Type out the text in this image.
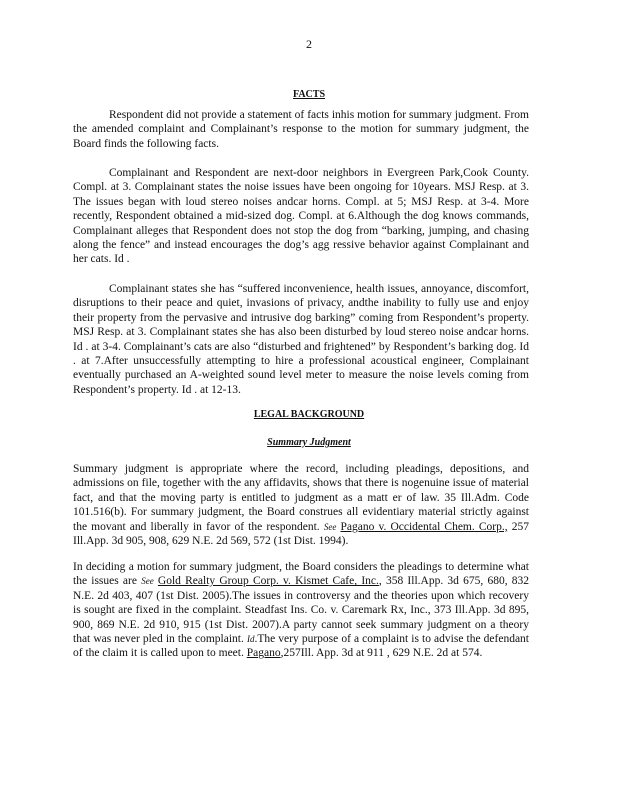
2
FACTS

Respondent did not provide a statement of facts inhis motion for summary judgment. From the amended complaint and Complainant’s response to the motion for summary judgment, the Board finds the following facts.

Complainant and Respondent are next-door neighbors in Evergreen Park,Cook County. Compl. at 3. Complainant states the noise issues have been ongoing for 10years. MSJ Resp. at 3. The issues began with loud stereo noises andcar horns. Compl. at 5; MSJ Resp. at 3-4. More recently, Respondent obtained a mid-sized dog. Compl. at 6.Although the dog knows commands, Complainant alleges that Respondent does not stop the dog from “barking, jumping, and chasing along the fence” and instead encourages the dog’s agg ressive behavior against Complainant and her cats. Id .

Complainant states she has “suffered inconvenience, health issues, annoyance, discomfort, disruptions to their peace and quiet, invasions of privacy, andthe inability to fully use and enjoy their property from the pervasive and intrusive dog barking” coming from Respondent’s property. MSJ Resp. at 3. Complainant states she has also been disturbed by loud stereo noise andcar horns. Id . at 3-4. Complainant’s cats are also “disturbed and frightened” by Respondent’s barking dog. Id . at 7.After unsuccessfully attempting to hire a professional acoustical engineer, Complainant eventually purchased an A-weighted sound level meter to measure the noise levels coming from Respondent’s property. Id . at 12-13.

LEGAL BACKGROUND
Summary Judgment

Summary judgment is appropriate where the record, including pleadings, depositions, and admissions on file, together with the any affidavits, shows that there is nogenuine issue of material fact, and that the moving party is entitled to judgment as a matt er of law. 35 Ill.Adm. Code 101.516(b). For summary judgment, the Board construes all evidentiary material strictly against the movant and liberally in favor of the respondent. See Pagano v. Occidental Chem. Corp., 257 Ill.App. 3d 905, 908, 629 N.E. 2d 569, 572 (1st Dist. 1994).

In deciding a motion for summary judgment, the Board considers the pleadings to determine what the issues are See Gold Realty Group Corp. v. Kismet Cafe, Inc., 358 Ill.App. 3d 675, 680, 832 N.E. 2d 403, 407 (1st Dist. 2005).The issues in controversy and the theories upon which recovery is sought are fixed in the complaint. Steadfast Ins. Co. v. Caremark Rx, Inc., 373 Ill.App. 3d 895, 900, 869 N.E. 2d 910, 915 (1st Dist. 2007).A party cannot seek summary judgment on a theory that was never pled in the complaint. Id.The very purpose of a complaint is to advise the defendant of the claim it is called upon to meet. Pagano,257Ill. App. 3d at 911 , 629 N.E. 2d at 574.
